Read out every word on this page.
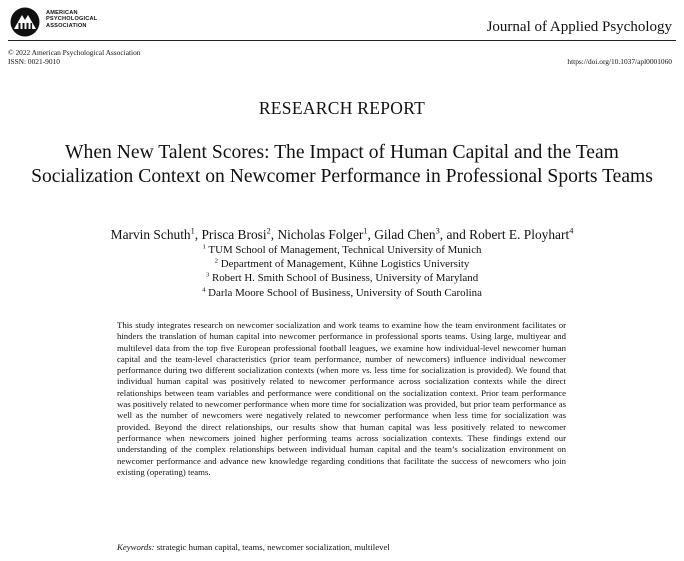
AMERICAN
PSYCHOLOGICAL
ASSOCIATION	Journal of Applied Psychology
© 2022 American Psychological Association
ISSN: 0021-9010	https://doi.org/10.1037/apl0001060
RESEARCH REPORT
When New Talent Scores: The Impact of Human Capital and the Team Socialization Context on Newcomer Performance in Professional Sports Teams
Marvin Schuth$^1$, Prisca Brosi$^2$, Nicholas Folger$^1$, Gilad Chen$^3$, and Robert E. Ployhart$^4$
$^1$ TUM School of Management, Technical University of Munich
$^2$ Department of Management, Kühne Logistics University
$^3$ Robert H. Smith School of Business, University of Maryland
$^4$ Darla Moore School of Business, University of South Carolina

This study integrates research on newcomer socialization and work teams to examine how the team environment facilitates or hinders the translation of human capital into newcomer performance in professional sports teams. Using large, multiyear and multilevel data from the top five European professional football leagues, we examine how individual-level newcomer human capital and the team-level characteristics (prior team performance, number of newcomers) influence individual newcomer performance during two different socialization contexts (when more vs. less time for socialization is provided). We found that individual human capital was positively related to newcomer performance across socialization contexts while the direct relationships between team variables and performance were conditional on the socialization context. Prior team performance was positively related to newcomer performance when more time for socialization was provided, but prior team performance as well as the number of newcomers were negatively related to newcomer performance when less time for socialization was provided. Beyond the direct relationships, our results show that human capital was less positively related to newcomer performance when newcomers joined higher performing teams across socialization contexts. These findings extend our understanding of the complex relationships between individual human capital and the team’s socialization environment on newcomer performance and advance new knowledge regarding conditions that facilitate the success of newcomers who join existing (operating) teams.

Keywords: strategic human capital, teams, newcomer socialization, multilevel
